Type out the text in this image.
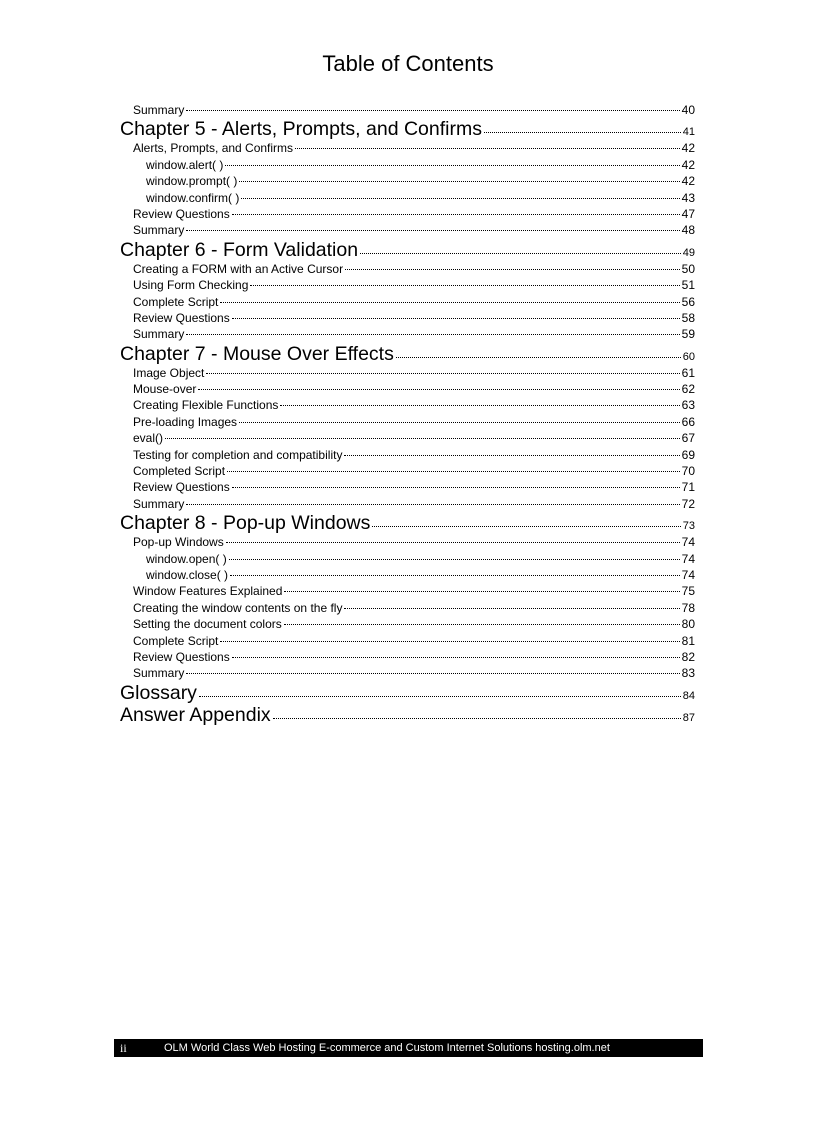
Table of Contents
Summary	40
Chapter 5 - Alerts, Prompts, and Confirms	41
Alerts, Prompts, and Confirms	42
window.alert( )	42
window.prompt( )	42
window.confirm( )	43
Review Questions	47
Summary	48
Chapter 6 - Form Validation	49
Creating a FORM with an Active Cursor	50
Using Form Checking	51
Complete Script	56
Review Questions	58
Summary	59
Chapter 7 - Mouse Over Effects	60
Image Object	61
Mouse-over	62
Creating Flexible Functions	63
Pre-loading Images	66
eval()	67
Testing for completion and compatibility	69
Completed Script	70
Review Questions	71
Summary	72
Chapter 8 - Pop-up Windows	73
Pop-up Windows	74
window.open( )	74
window.close( )	74
Window Features Explained	75
Creating the window contents on the fly	78
Setting the document colors	80
Complete Script	81
Review Questions	82
Summary	83
Glossary	84
Answer Appendix	87
ii	OLM World Class Web Hosting E-commerce and Custom Internet Solutions hosting.olm.net
